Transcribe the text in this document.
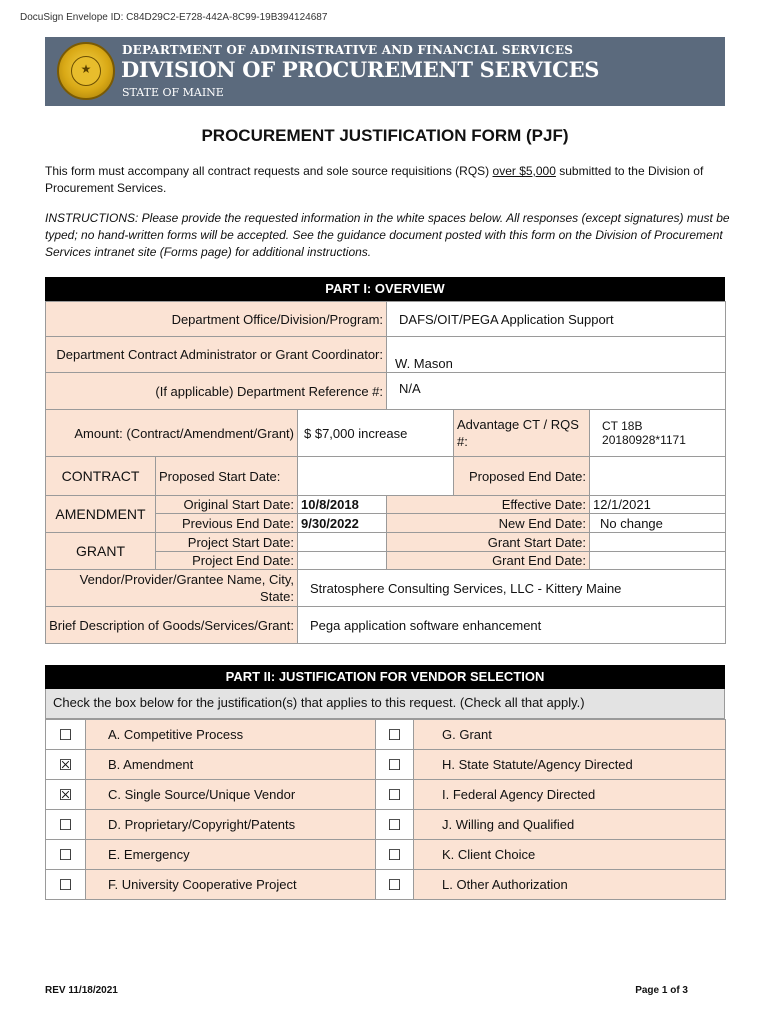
DocuSign Envelope ID: C84D29C2-E728-442A-8C99-19B394124687
★
DEPARTMENT OF ADMINISTRATIVE AND FINANCIAL SERVICES
DIVISION OF PROCUREMENT SERVICES
STATE OF MAINE
PROCUREMENT JUSTIFICATION FORM (PJF)
This form must accompany all contract requests and sole source requisitions (RQS) over $5,000 submitted to the Division of Procurement Services.
INSTRUCTIONS: Please provide the requested information in the white spaces below. All responses (except signatures) must be typed; no hand-written forms will be accepted. See the guidance document posted with this form on the Division of Procurement Services intranet site (Forms page) for additional instructions.
PART I: OVERVIEW
Department Office/Division/Program:			DAFS/OIT/PEGA Application Support		
Department Contract Administrator or Grant Coordinator:			W. Mason		
(If applicable) Department Reference #:			N/A		
Amount: (Contract/Amendment/Grant)		$ $7,000 increase		Advantage CT / RQS #:	CT 18B 20180928*1171
CONTRACT	Proposed Start Date:			Proposed End Date:	
AMENDMENT	Original Start Date:	10/8/2018	Effective Date:		12/1/2021
	Previous End Date:	9/30/2022	New End Date:		No change
GRANT	Project Start Date:		Grant Start Date:		
	Project End Date:		Grant End Date:		
Vendor/Provider/Grantee Name, City, State:		Stratosphere Consulting Services, LLC - Kittery Maine			
Brief Description of Goods/Services/Grant:		Pega application software enhancement			
PART II: JUSTIFICATION FOR VENDOR SELECTION
Check the box below for the justification(s) that applies to this request. (Check all that apply.)
☐	A. Competitive Process	☐	G. Grant
☒	B. Amendment	☐	H. State Statute/Agency Directed
☒	C. Single Source/Unique Vendor	☐	I. Federal Agency Directed
☐	D. Proprietary/Copyright/Patents	☐	J. Willing and Qualified
☐	E. Emergency	☐	K. Client Choice
☐	F. University Cooperative Project	☐	L. Other Authorization
REV 11/18/2021	Page 1 of 3
